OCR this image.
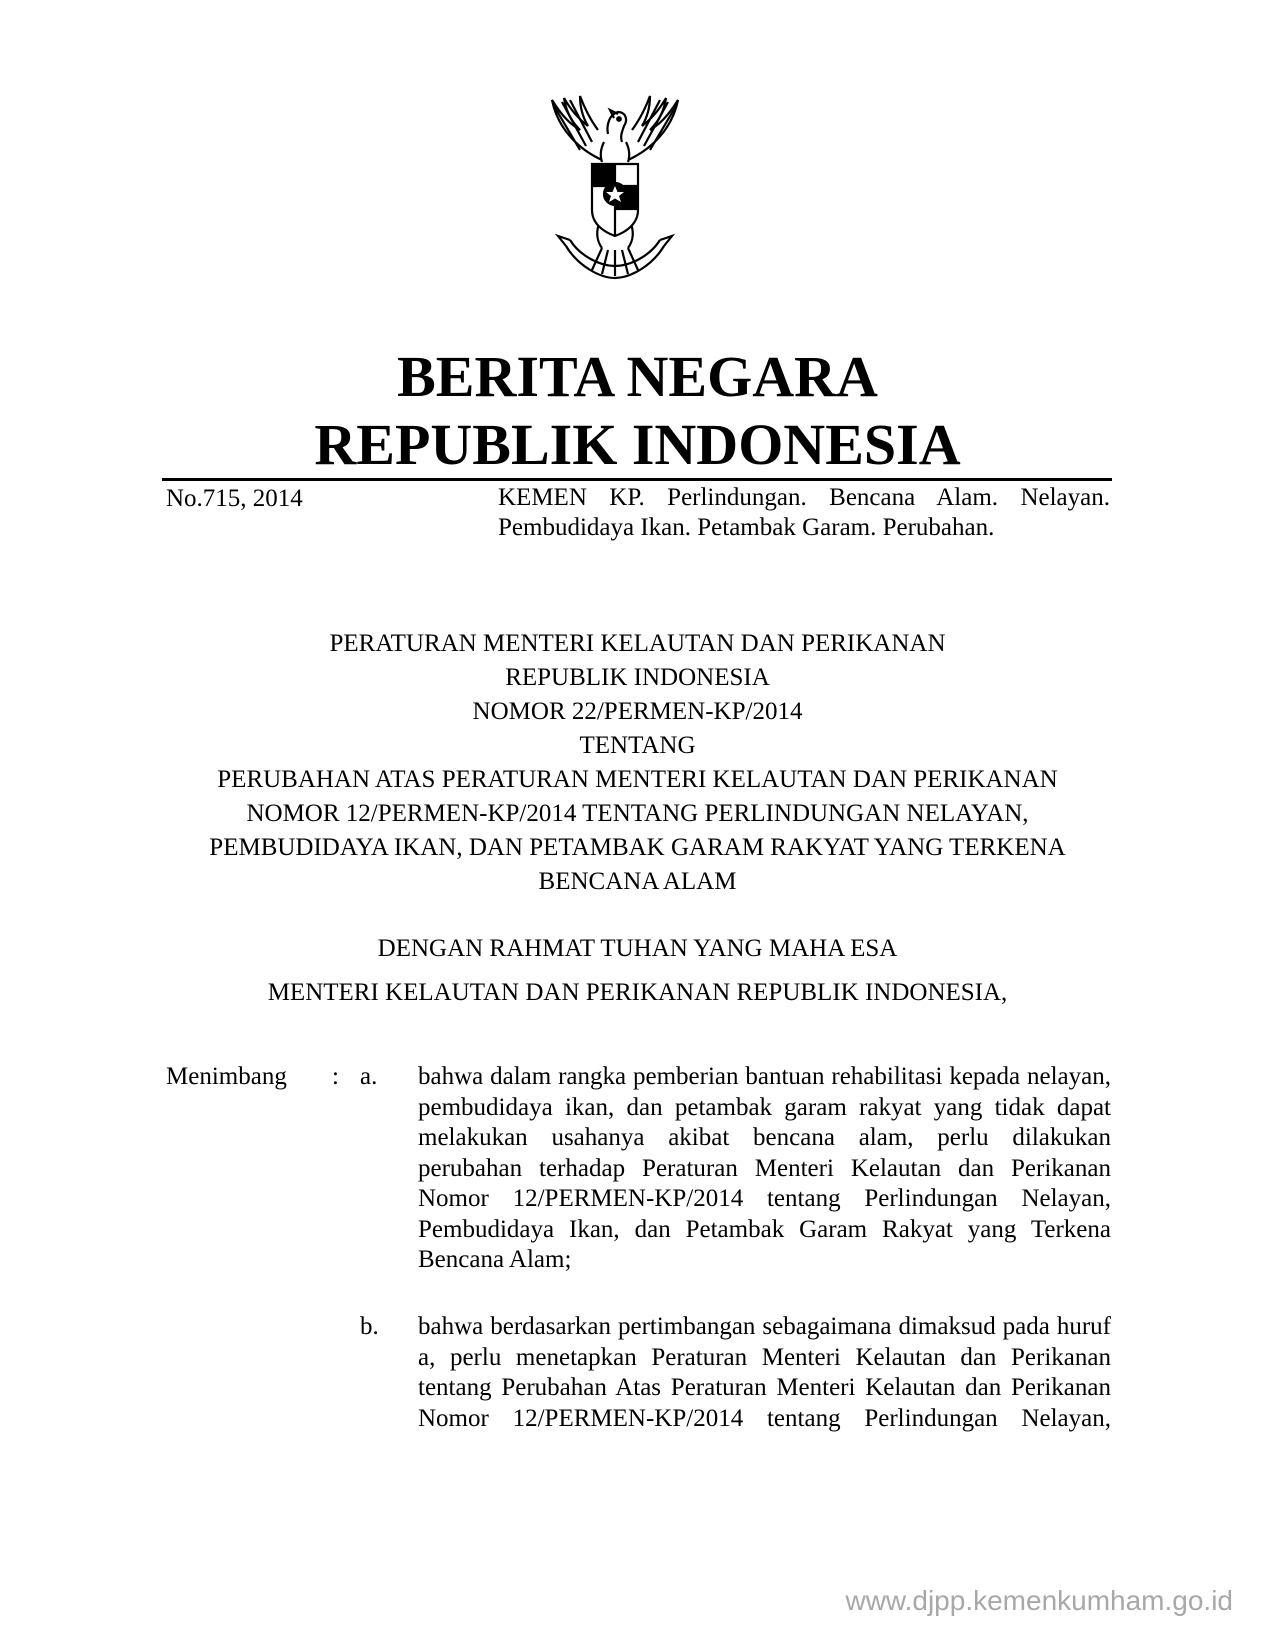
BERITA NEGARA
REPUBLIK INDONESIA
No.715, 2014	KEMEN KP. Perlindungan. Bencana Alam. Nelayan. Pembudidaya Ikan. Petambak Garam. Perubahan.
PERATURAN MENTERI KELAUTAN DAN PERIKANAN
REPUBLIK INDONESIA
NOMOR 22/PERMEN-KP/2014
TENTANG
PERUBAHAN ATAS PERATURAN MENTERI KELAUTAN DAN PERIKANAN
NOMOR 12/PERMEN-KP/2014 TENTANG PERLINDUNGAN NELAYAN,
PEMBUDIDAYA IKAN, DAN PETAMBAK GARAM RAKYAT YANG TERKENA
BENCANA ALAM
DENGAN RAHMAT TUHAN YANG MAHA ESA
MENTERI KELAUTAN DAN PERIKANAN REPUBLIK INDONESIA,
Menimbang : a. bahwa dalam rangka pemberian bantuan rehabilitasi kepada nelayan, pembudidaya ikan, dan petambak garam rakyat yang tidak dapat melakukan usahanya akibat bencana alam, perlu dilakukan perubahan terhadap Peraturan Menteri Kelautan dan Perikanan Nomor 12/PERMEN-KP/2014 tentang Perlindungan Nelayan, Pembudidaya Ikan, dan Petambak Garam Rakyat yang Terkena Bencana Alam;
b. bahwa berdasarkan pertimbangan sebagaimana dimaksud pada huruf a, perlu menetapkan Peraturan Menteri Kelautan dan Perikanan tentang Perubahan Atas Peraturan Menteri Kelautan dan Perikanan Nomor 12/PERMEN-KP/2014 tentang Perlindungan Nelayan,
www.djpp.kemenkumham.go.id
